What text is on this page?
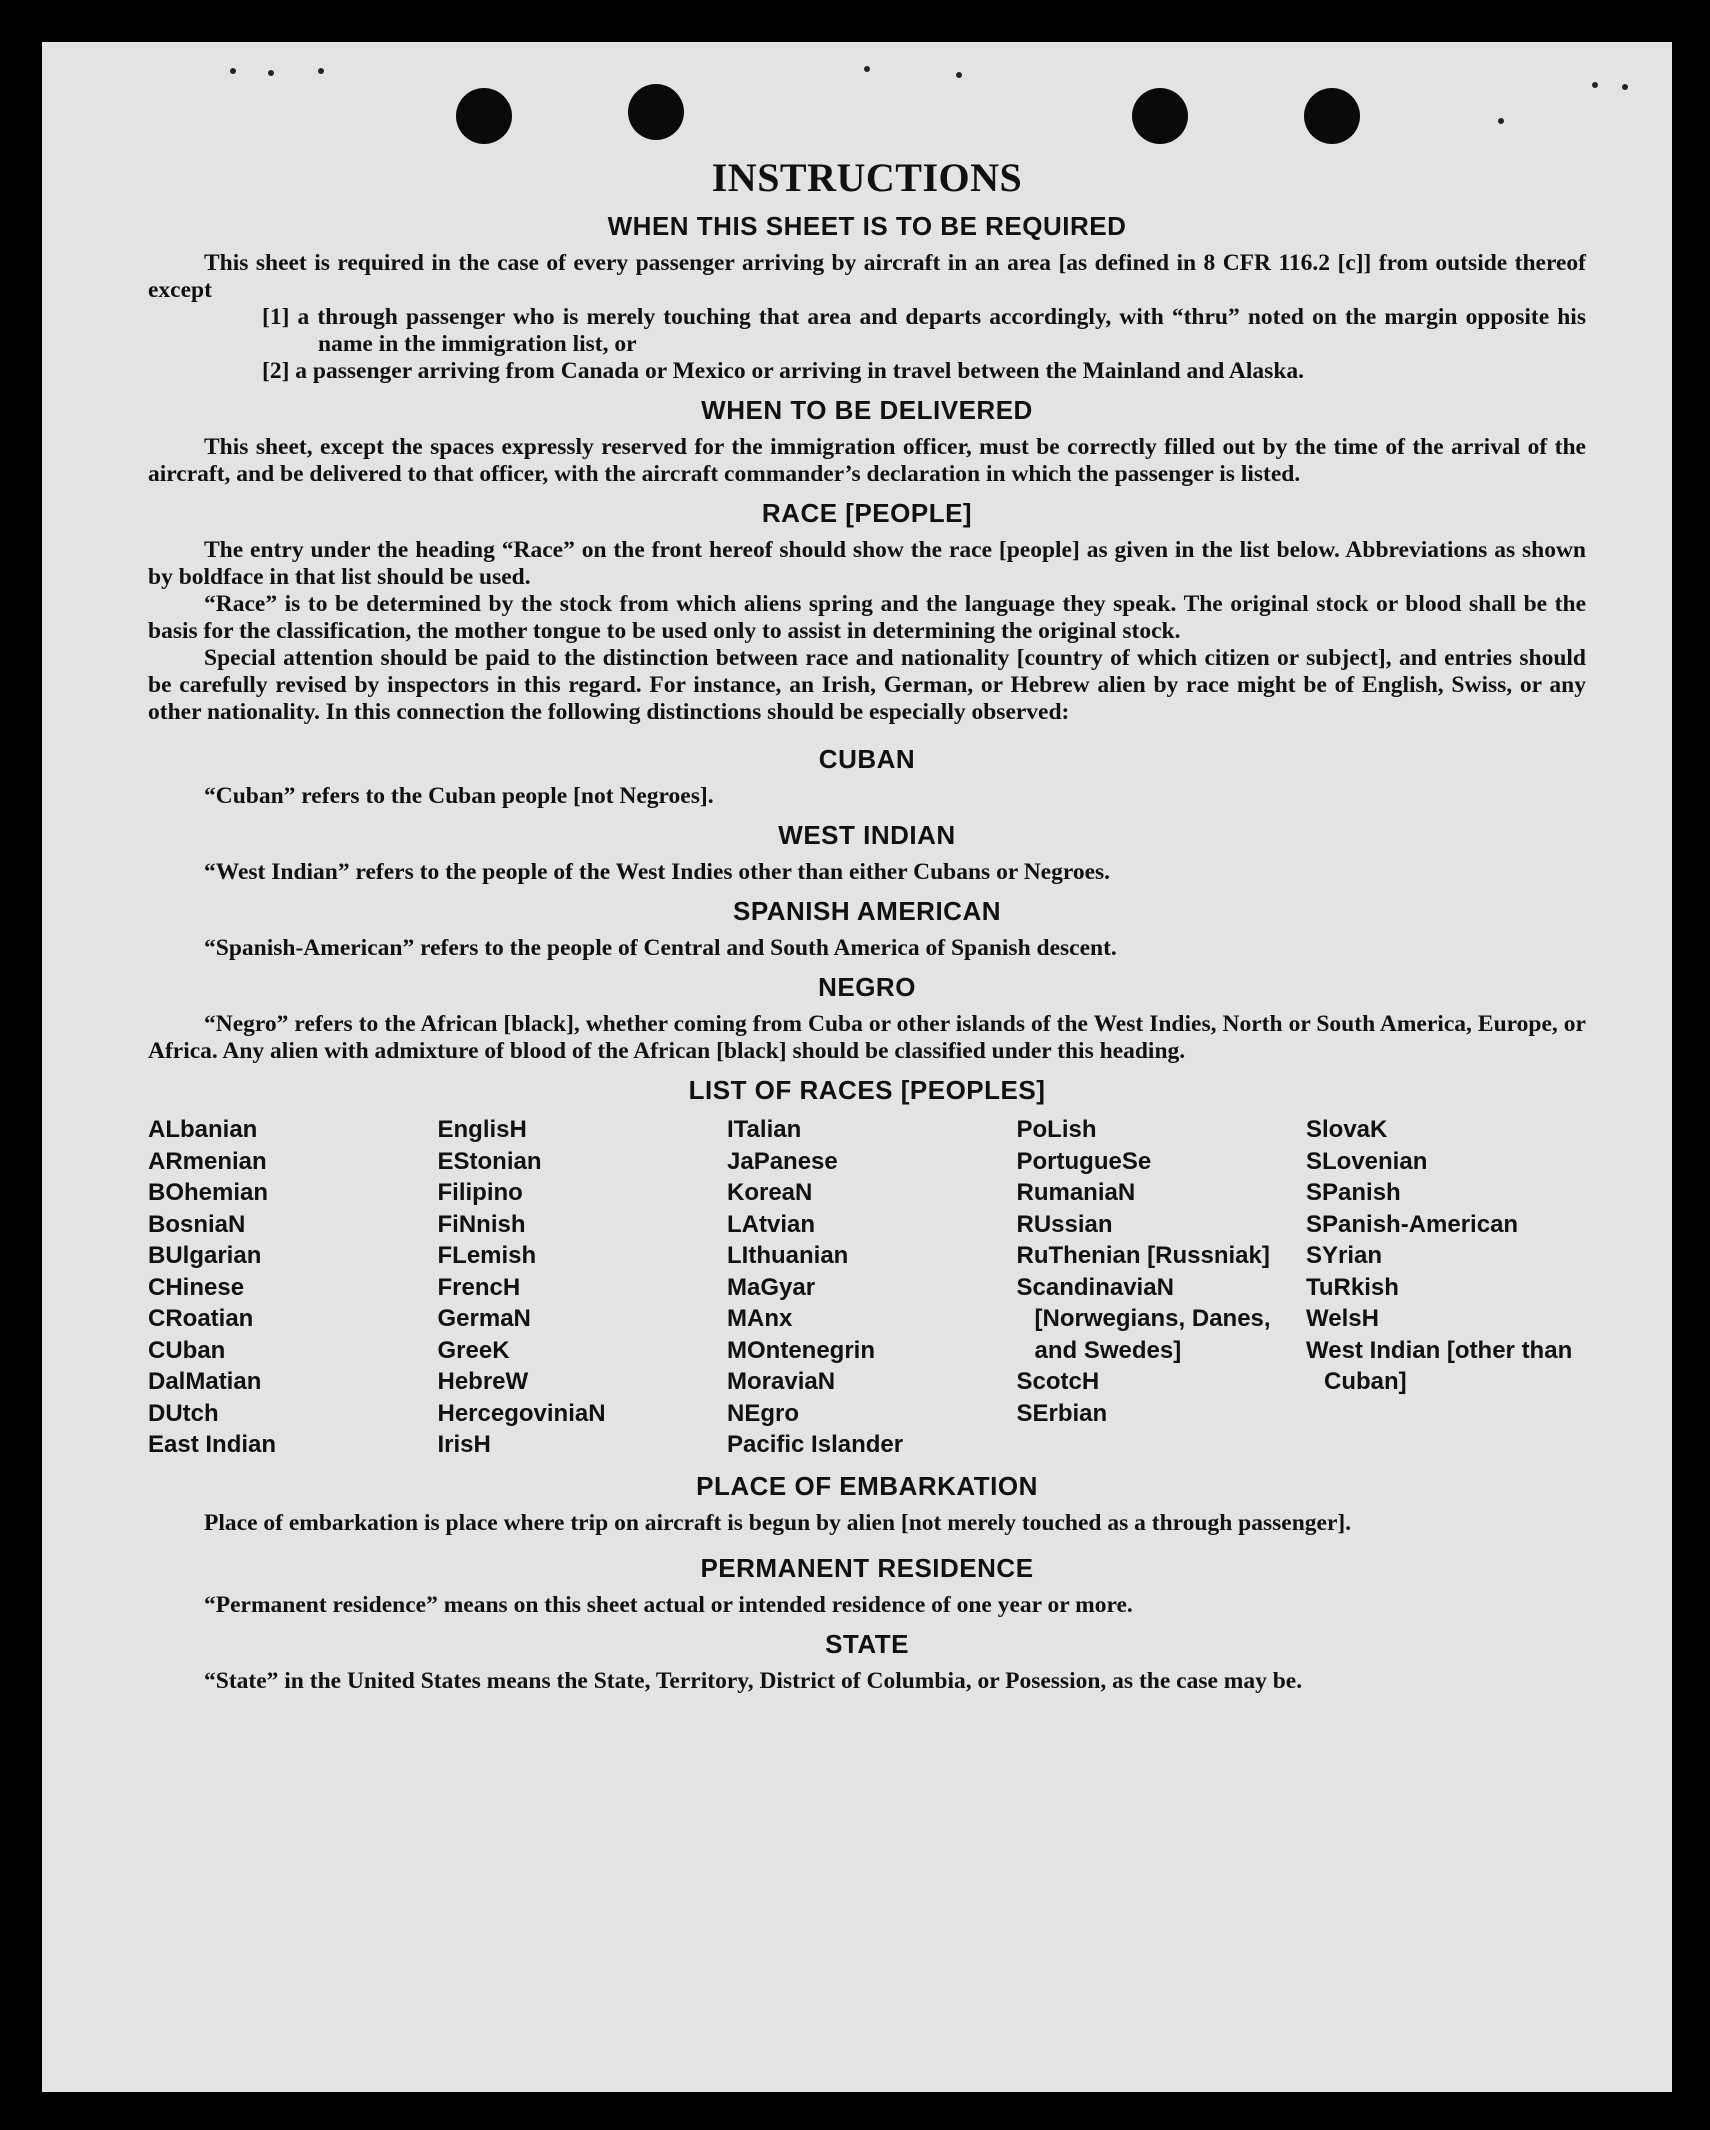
INSTRUCTIONS
WHEN THIS SHEET IS TO BE REQUIRED

This sheet is required in the case of every passenger arriving by aircraft in an area [as defined in 8 CFR 116.2 [c]] from outside thereof except

[1] a through passenger who is merely touching that area and departs accordingly, with “thru” noted on the margin opposite his name in the immigration list, or

[2] a passenger arriving from Canada or Mexico or arriving in travel between the Mainland and Alaska.

WHEN TO BE DELIVERED

This sheet, except the spaces expressly reserved for the immigration officer, must be correctly filled out by the time of the arrival of the aircraft, and be delivered to that officer, with the aircraft commander’s declaration in which the passenger is listed.

RACE [PEOPLE]

The entry under the heading “Race” on the front hereof should show the race [people] as given in the list below. Abbreviations as shown by boldface in that list should be used.

“Race” is to be determined by the stock from which aliens spring and the language they speak. The original stock or blood shall be the basis for the classification, the mother tongue to be used only to assist in determining the original stock.

Special attention should be paid to the distinction between race and nationality [country of which citizen or subject], and entries should be carefully revised by inspectors in this regard. For instance, an Irish, German, or Hebrew alien by race might be of English, Swiss, or any other nationality. In this connection the following distinctions should be especially observed:

CUBAN

“Cuban” refers to the Cuban people [not Negroes].

WEST INDIAN

“West Indian” refers to the people of the West Indies other than either Cubans or Negroes.

SPANISH AMERICAN

“Spanish-American” refers to the people of Central and South America of Spanish descent.

NEGRO

“Negro” refers to the African [black], whether coming from Cuba or other islands of the West Indies, North or South America, Europe, or Africa. Any alien with admixture of blood of the African [black] should be classified under this heading.

LIST OF RACES [PEOPLES]
ALbanian
ARmenian
BOhemian
BosniaN
BUlgarian
CHinese
CRoatian
CUban
DalMatian
DUtch
East Indian
EnglisH
EStonian
Filipino
FiNnish
FLemish
FrencH
GermaN
GreeK
HebreW
HercegoviniaN
IrisH
ITalian
JaPanese
KoreaN
LAtvian
LIthuanian
MaGyar
MAnx
MOntenegrin
MoraviaN
NEgro
Pacific Islander
PoLish
PortugueSe
RumaniaN
RUssian
RuThenian [Russniak]
ScandinaviaN [Norwegians, Danes, and Swedes]
ScotcH
SErbian
SlovaK
SLovenian
SPanish
SPanish-American
SYrian
TuRkish
WelsH
West Indian [other than Cuban]
PLACE OF EMBARKATION

Place of embarkation is place where trip on aircraft is begun by alien [not merely touched as a through passenger].

PERMANENT RESIDENCE

“Permanent residence” means on this sheet actual or intended residence of one year or more.

STATE

“State” in the United States means the State, Territory, District of Columbia, or Posession, as the case may be.
